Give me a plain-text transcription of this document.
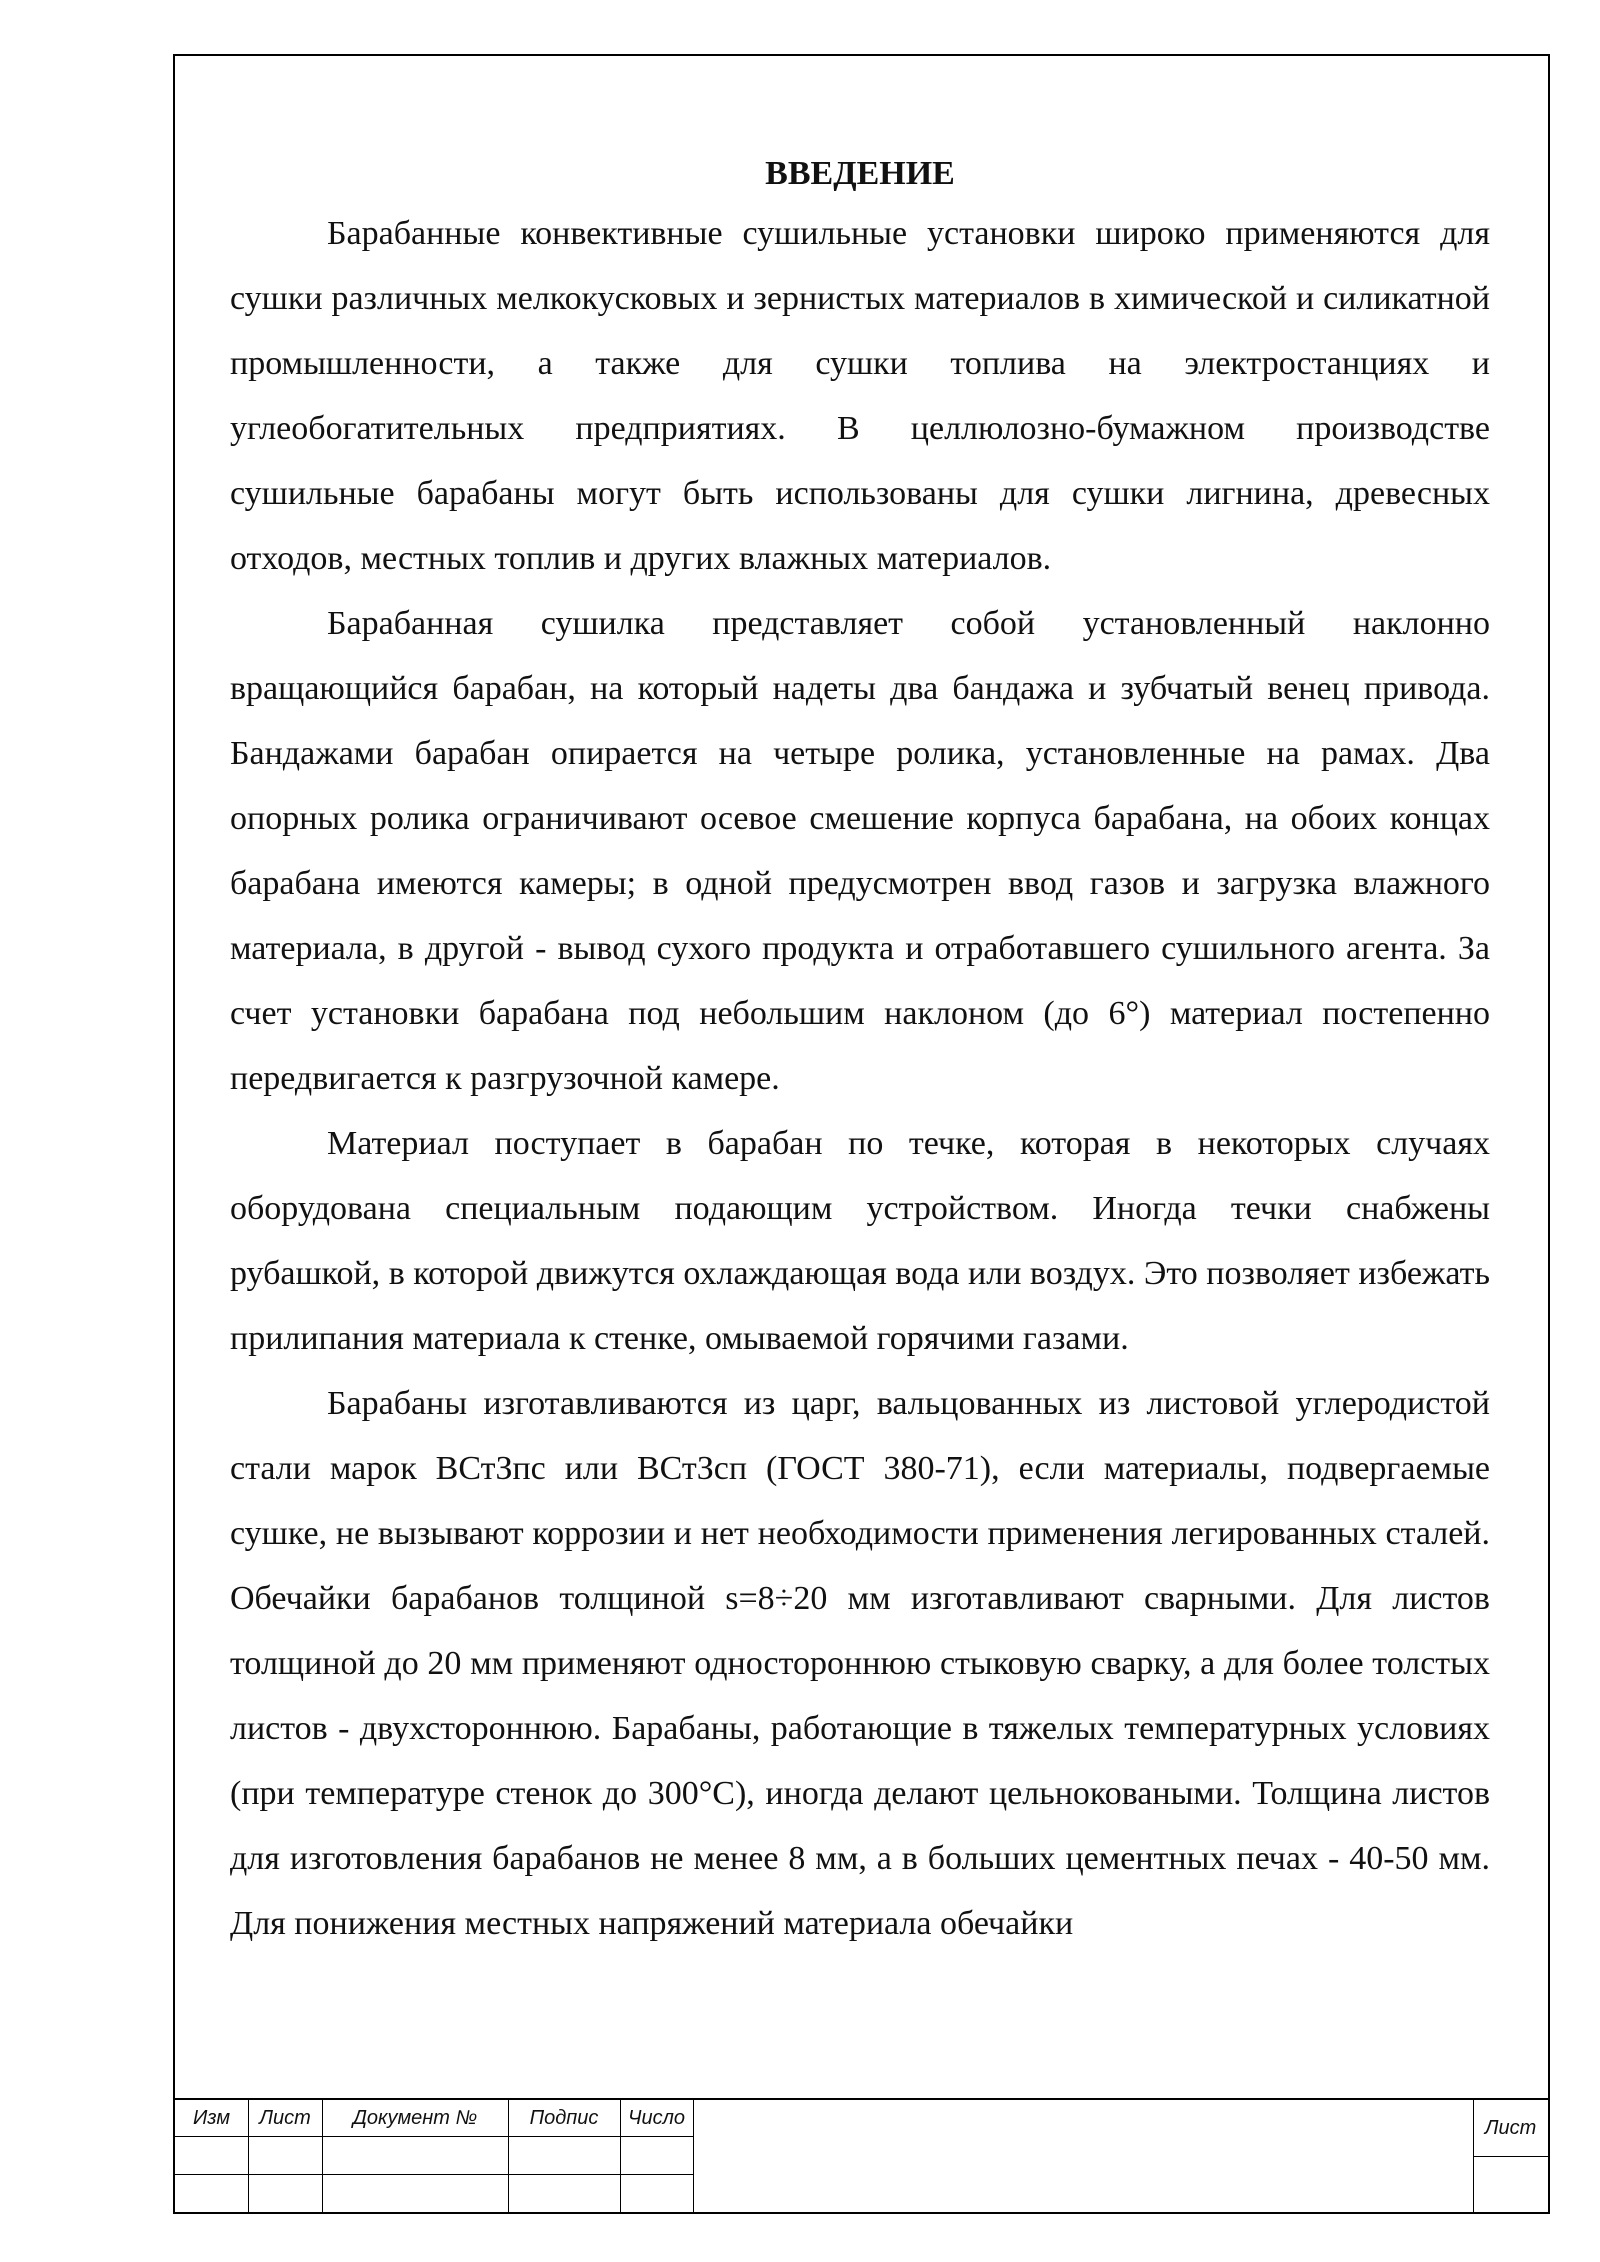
ВВЕДЕНИЕ

Барабанные конвективные сушильные установки широко применяются для сушки различных мелкокусковых и зернистых материалов в химической и силикатной промышленности, а также для сушки топлива на электростанциях и углеобогатительных предприятиях. В целлюлозно-бумажном производстве сушильные барабаны могут быть использованы для сушки лигнина, древесных отходов, местных топлив и других влажных материалов.

Барабанная сушилка представляет собой установленный наклонно вращающийся барабан, на который надеты два бандажа и зубчатый венец привода. Бандажами барабан опирается на четыре ролика, установленные на рамах. Два опорных ролика ограничивают осевое смешение корпуса барабана, на обоих концах барабана имеются камеры; в одной предусмотрен ввод газов и загрузка влажного материала, в другой - вывод сухого продукта и отработавшего сушильного агента. За счет установки барабана под небольшим наклоном (до 6°) материал постепенно передвигается к разгрузочной камере.

Материал поступает в барабан по течке, которая в некоторых случаях оборудована специальным подающим устройством. Иногда течки снабжены рубашкой, в которой движутся охлаждающая вода или воздух. Это позволяет избежать прилипания материала к стенке, омываемой горячими газами.

Барабаны изготавливаются из царг, вальцованных из листовой углеродистой стали марок ВСтЗпс или ВСтЗсп (ГОСТ 380-71), если материалы, подвергаемые сушке, не вызывают коррозии и нет необходимости применения легированных сталей. Обечайки барабанов толщиной s=8÷20 мм изготавливают сварными. Для листов толщиной до 20 мм применяют одностороннюю стыковую сварку, а для более толстых листов - двухстороннюю. Барабаны, работающие в тяжелых температурных условиях (при температуре стенок до 300°С), иногда делают цельноковаными. Толщина листов для изготовления барабанов не менее 8 мм, а в больших цементных печах - 40-50 мм. Для понижения местных напряжений материала обечайки

Изм	Лист	Документ №	Подпис	Число	Лист
